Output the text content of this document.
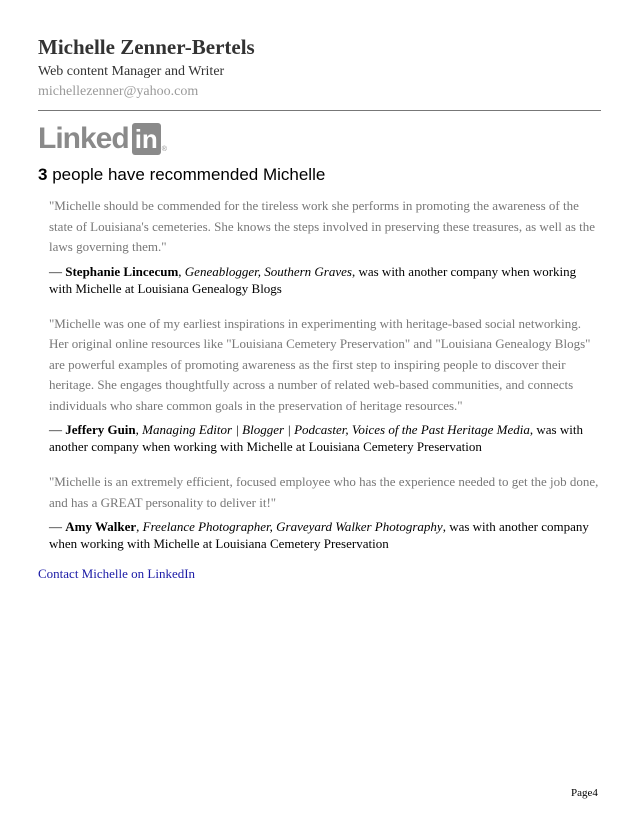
Michelle Zenner-Bertels
Web content Manager and Writer
michellezenner@yahoo.com
Linked in ®
3 people have recommended Michelle
"Michelle should be commended for the tireless work she performs in promoting the awareness of the state of Louisiana's cemeteries. She knows the steps involved in preserving these treasures, as well as the laws governing them."
— Stephanie Lincecum, Geneablogger, Southern Graves, was with another company when working with Michelle at Louisiana Genealogy Blogs
"Michelle was one of my earliest inspirations in experimenting with heritage-based social networking. Her original online resources like "Louisiana Cemetery Preservation" and "Louisiana Genealogy Blogs" are powerful examples of promoting awareness as the first step to inspiring people to discover their heritage. She engages thoughtfully across a number of related web-based communities, and connects individuals who share common goals in the preservation of heritage resources."
— Jeffery Guin, Managing Editor | Blogger | Podcaster, Voices of the Past Heritage Media, was with another company when working with Michelle at Louisiana Cemetery Preservation
"Michelle is an extremely efficient, focused employee who has the experience needed to get the job done, and has a GREAT personality to deliver it!"
— Amy Walker, Freelance Photographer, Graveyard Walker Photography, was with another company when working with Michelle at Louisiana Cemetery Preservation
Contact Michelle on LinkedIn
Page4
